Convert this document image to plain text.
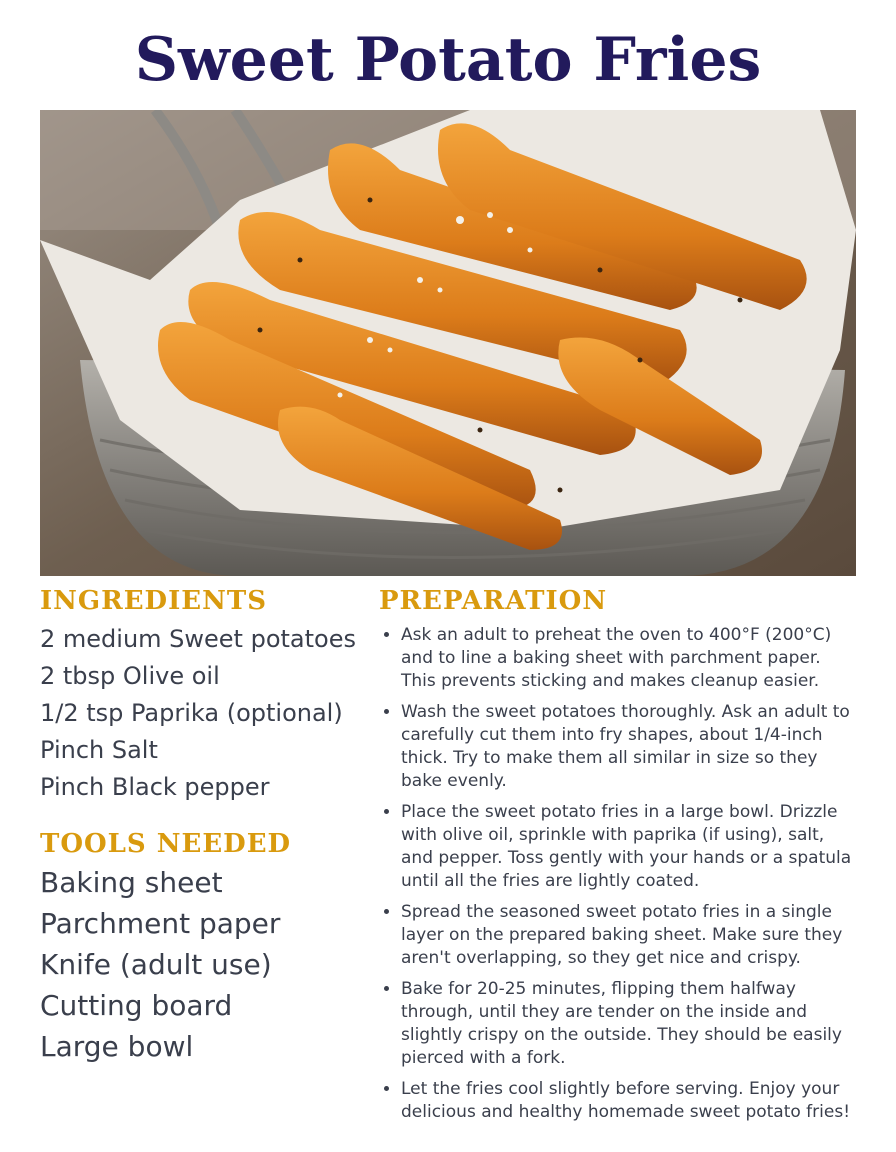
Sweet Potato Fries
INGREDIENTS
2 medium Sweet potatoes
2 tbsp Olive oil
1/2 tsp Paprika (optional)
Pinch Salt
Pinch Black pepper
TOOLS NEEDED
Baking sheet
Parchment paper
Knife (adult use)
Cutting board
Large bowl
PREPARATION
• Ask an adult to preheat the oven to 400°F (200°C) and to line a baking sheet with parchment paper. This prevents sticking and makes cleanup easier.
• Wash the sweet potatoes thoroughly. Ask an adult to carefully cut them into fry shapes, about 1/4-inch thick. Try to make them all similar in size so they bake evenly.
• Place the sweet potato fries in a large bowl. Drizzle with olive oil, sprinkle with paprika (if using), salt, and pepper. Toss gently with your hands or a spatula until all the fries are lightly coated.
• Spread the seasoned sweet potato fries in a single layer on the prepared baking sheet. Make sure they aren't overlapping, so they get nice and crispy.
• Bake for 20-25 minutes, flipping them halfway through, until they are tender on the inside and slightly crispy on the outside. They should be easily pierced with a fork.
• Let the fries cool slightly before serving. Enjoy your delicious and healthy homemade sweet potato fries!
